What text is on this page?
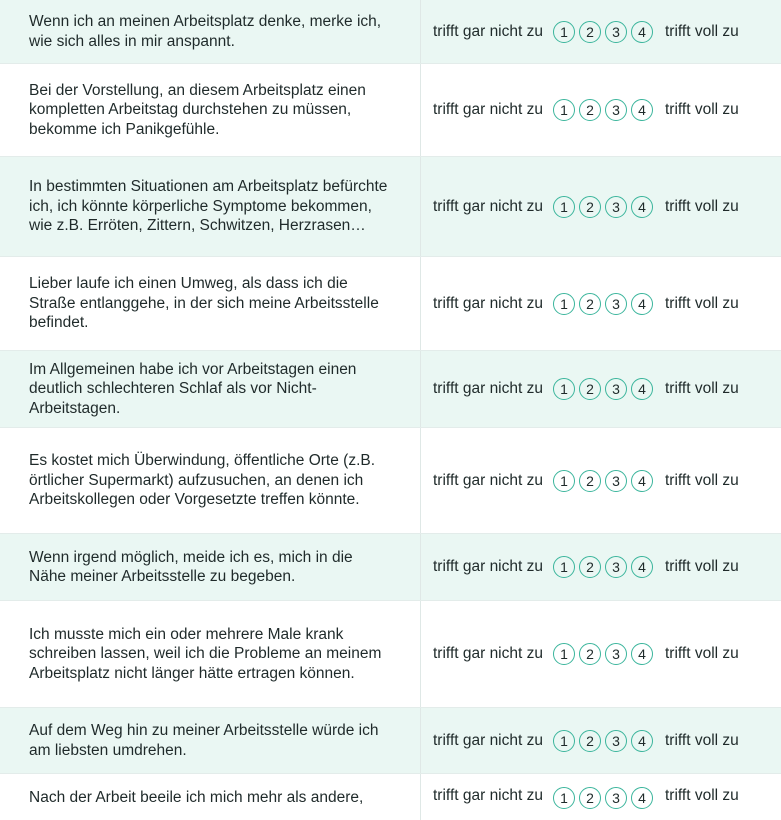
Wenn ich an meinen Arbeitsplatz denke, merke ich, wie sich alles in mir anspannt.
trifft gar nicht zu	1	2	3	4	trifft voll zu
Bei der Vorstellung, an diesem Arbeitsplatz einen kompletten Arbeitstag durchstehen zu müssen, bekomme ich Panikgefühle.
trifft gar nicht zu	1	2	3	4	trifft voll zu
In bestimmten Situationen am Arbeitsplatz befürchte ich, ich könnte körperliche Symptome bekommen, wie z.B. Erröten, Zittern, Schwitzen, Herzrasen…
trifft gar nicht zu	1	2	3	4	trifft voll zu
Lieber laufe ich einen Umweg, als dass ich die Straße entlanggehe, in der sich meine Arbeitsstelle befindet.
trifft gar nicht zu	1	2	3	4	trifft voll zu
Im Allgemeinen habe ich vor Arbeitstagen einen deutlich schlechteren Schlaf als vor Nicht-Arbeitstagen.
trifft gar nicht zu	1	2	3	4	trifft voll zu
Es kostet mich Überwindung, öffentliche Orte (z.B. örtlicher Supermarkt) aufzusuchen, an denen ich Arbeitskollegen oder Vorgesetzte treffen könnte.
trifft gar nicht zu	1	2	3	4	trifft voll zu
Wenn irgend möglich, meide ich es, mich in die Nähe meiner Arbeitsstelle zu begeben.
trifft gar nicht zu	1	2	3	4	trifft voll zu
Ich musste mich ein oder mehrere Male krank schreiben lassen, weil ich die Probleme an meinem Arbeitsplatz nicht länger hätte ertragen können.
trifft gar nicht zu	1	2	3	4	trifft voll zu
Auf dem Weg hin zu meiner Arbeitsstelle würde ich am liebsten umdrehen.
trifft gar nicht zu	1	2	3	4	trifft voll zu
Nach der Arbeit beeile ich mich mehr als andere,	trifft gar nicht zu	1	2	3	4	trifft voll zu
